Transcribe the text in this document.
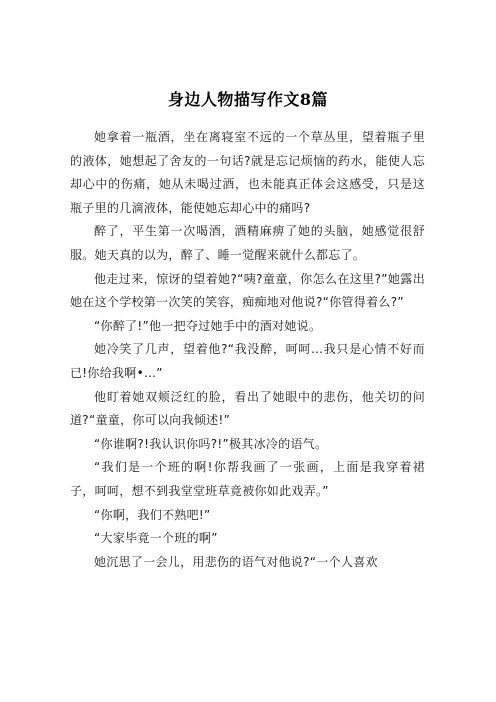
身边人物描写作文8篇

她拿着一瓶酒，坐在离寝室不远的一个草丛里，望着瓶子里的液体，她想起了舍友的一句话?就是忘记烦恼的药水，能使人忘却心中的伤痛，她从未喝过酒，也未能真正体会这感受，只是这瓶子里的几滴液体，能使她忘却心中的痛吗?

醉了，平生第一次喝酒，酒精麻痹了她的头脑，她感觉很舒服。她天真的以为，醉了、睡一觉醒来就什么都忘了。

他走过来，惊讶的望着她?“咦?童童，你怎么在这里?”她露出她在这个学校第一次笑的笑容，痴痴地对他说?“你管得着么?”

“你醉了!”他一把夺过她手中的酒对她说。

她冷笑了几声，望着他?“我没醉，呵呵…我只是心情不好而已!你给我啊•…”

他盯着她双颊泛红的脸，看出了她眼中的悲伤，他关切的问道?“童童，你可以向我倾述!”

“你谁啊?!我认识你吗?!”极其冰冷的语气。

“我们是一个班的啊!你帮我画了一张画，上面是我穿着裙子，呵呵，想不到我堂堂班草竟被你如此戏弄。”

“你啊，我们不熟吧!”

“大家毕竟一个班的啊”

她沉思了一会儿，用悲伤的语气对他说?“一个人喜欢
